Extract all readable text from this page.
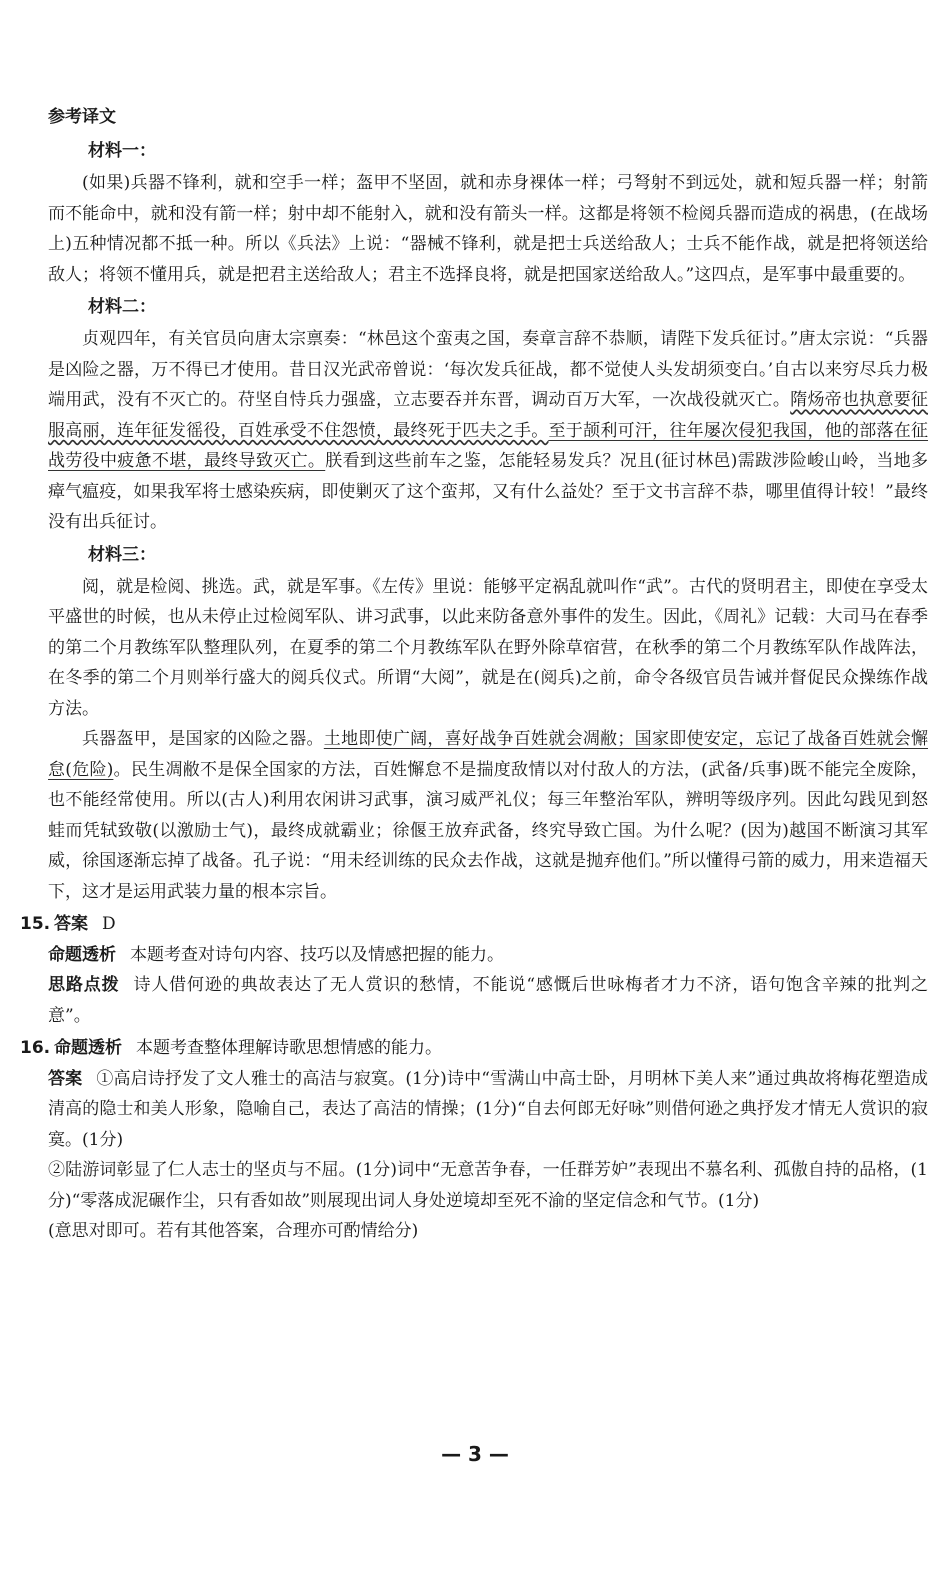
参考译文
材料一：

(如果)兵器不锋利，就和空手一样；盔甲不坚固，就和赤身裸体一样；弓弩射不到远处，就和短兵器一样；射箭而不能命中，就和没有箭一样；射中却不能射入，就和没有箭头一样。这都是将领不检阅兵器而造成的祸患，(在战场上)五种情况都不抵一种。所以《兵法》上说：“器械不锋利，就是把士兵送给敌人；士兵不能作战，就是把将领送给敌人；将领不懂用兵，就是把君主送给敌人；君主不选择良将，就是把国家送给敌人。”这四点，是军事中最重要的。

材料二：

贞观四年，有关官员向唐太宗禀奏：“林邑这个蛮夷之国，奏章言辞不恭顺，请陛下发兵征讨。”唐太宗说：“兵器是凶险之器，万不得已才使用。昔日汉光武帝曾说：‘每次发兵征战，都不觉使人头发胡须变白。’自古以来穷尽兵力极端用武，没有不灭亡的。苻坚自恃兵力强盛，立志要吞并东晋，调动百万大军，一次战役就灭亡。隋炀帝也执意要征服高丽，连年征发徭役，百姓承受不住怨愤，最终死于匹夫之手。至于颉利可汗，往年屡次侵犯我国，他的部落在征战劳役中疲惫不堪，最终导致灭亡。朕看到这些前车之鉴，怎能轻易发兵？况且(征讨林邑)需跋涉险峻山岭，当地多瘴气瘟疫，如果我军将士感染疾病，即使剿灭了这个蛮邦，又有什么益处？至于文书言辞不恭，哪里值得计较！”最终没有出兵征讨。

材料三：

阅，就是检阅、挑选。武，就是军事。《左传》里说：能够平定祸乱就叫作“武”。古代的贤明君主，即使在享受太平盛世的时候，也从未停止过检阅军队、讲习武事，以此来防备意外事件的发生。因此，《周礼》记载：大司马在春季的第二个月教练军队整理队列，在夏季的第二个月教练军队在野外除草宿营，在秋季的第二个月教练军队作战阵法，在冬季的第二个月则举行盛大的阅兵仪式。所谓“大阅”，就是在(阅兵)之前，命令各级官员告诫并督促民众操练作战方法。

兵器盔甲，是国家的凶险之器。土地即使广阔，喜好战争百姓就会凋敝；国家即使安定，忘记了战备百姓就会懈怠(危险)。民生凋敝不是保全国家的方法，百姓懈怠不是揣度敌情以对付敌人的方法，(武备/兵事)既不能完全废除，也不能经常使用。所以(古人)利用农闲讲习武事，演习威严礼仪；每三年整治军队，辨明等级序列。因此勾践见到怒蛙而凭轼致敬(以激励士气)，最终成就霸业；徐偃王放弃武备，终究导致亡国。为什么呢？(因为)越国不断演习其军威，徐国逐渐忘掉了战备。孔子说：“用未经训练的民众去作战，这就是抛弃他们。”所以懂得弓箭的威力，用来造福天下，这才是运用武装力量的根本宗旨。

15. 答案 D
命题透析 本题考查对诗句内容、技巧以及情感把握的能力。

思路点拨 诗人借何逊的典故表达了无人赏识的愁情，不能说“感慨后世咏梅者才力不济，语句饱含辛辣的批判之意”。

16. 命题透析 本题考查整体理解诗歌思想情感的能力。

答案 ①高启诗抒发了文人雅士的高洁与寂寞。(1分)诗中“雪满山中高士卧，月明林下美人来”通过典故将梅花塑造成清高的隐士和美人形象，隐喻自己，表达了高洁的情操；(1分)“自去何郎无好咏”则借何逊之典抒发才情无人赏识的寂寞。(1分)

②陆游词彰显了仁人志士的坚贞与不屈。(1分)词中“无意苦争春，一任群芳妒”表现出不慕名利、孤傲自持的品格，(1分)“零落成泥碾作尘，只有香如故”则展现出词人身处逆境却至死不渝的坚定信念和气节。(1分)

(意思对即可。若有其他答案，合理亦可酌情给分)

— 3 —
